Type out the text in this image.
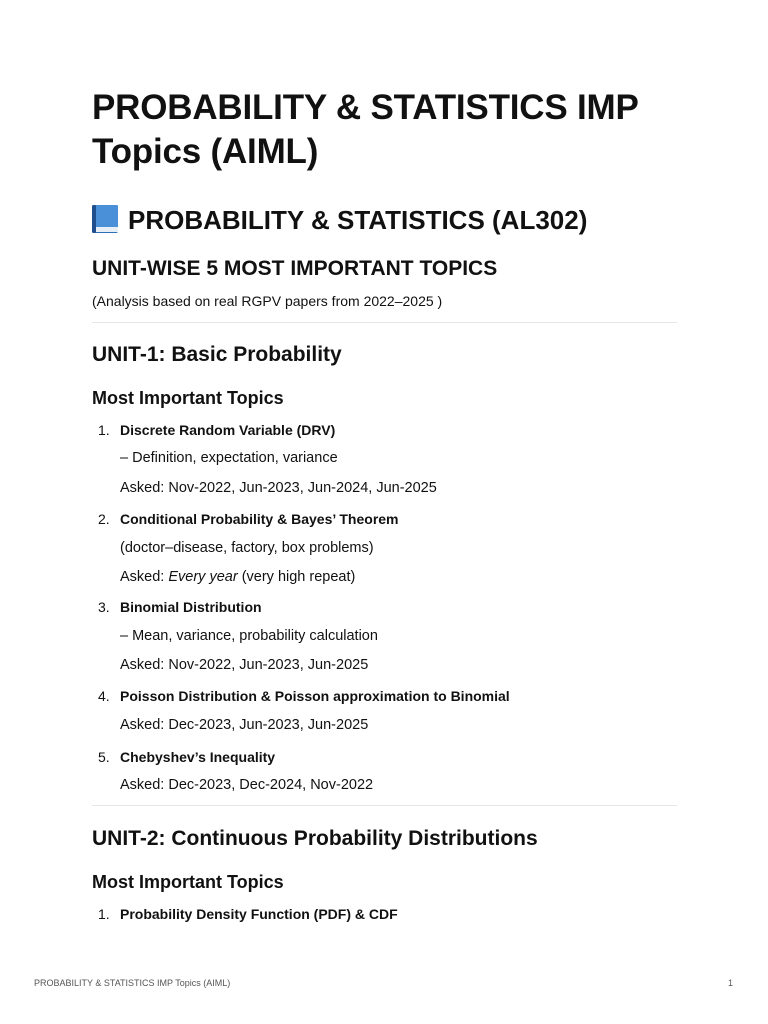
PROBABILITY & STATISTICS IMP Topics (AIML)
PROBABILITY & STATISTICS (AL302)
UNIT-WISE 5 MOST IMPORTANT TOPICS
(Analysis based on real RGPV papers from 2022–2025 )
UNIT-1: Basic Probability
Most Important Topics
1. Discrete Random Variable (DRV)
– Definition, expectation, variance
Asked: Nov-2022, Jun-2023, Jun-2024, Jun-2025
2. Conditional Probability & Bayes’ Theorem
(doctor–disease, factory, box problems)
Asked: Every year (very high repeat)
3. Binomial Distribution
– Mean, variance, probability calculation
Asked: Nov-2022, Jun-2023, Jun-2025
4. Poisson Distribution & Poisson approximation to Binomial
Asked: Dec-2023, Jun-2023, Jun-2025
5. Chebyshev’s Inequality
Asked: Dec-2023, Dec-2024, Nov-2022
UNIT-2: Continuous Probability Distributions
Most Important Topics
1. Probability Density Function (PDF) & CDF
PROBABILITY & STATISTICS IMP Topics (AIML)	1
